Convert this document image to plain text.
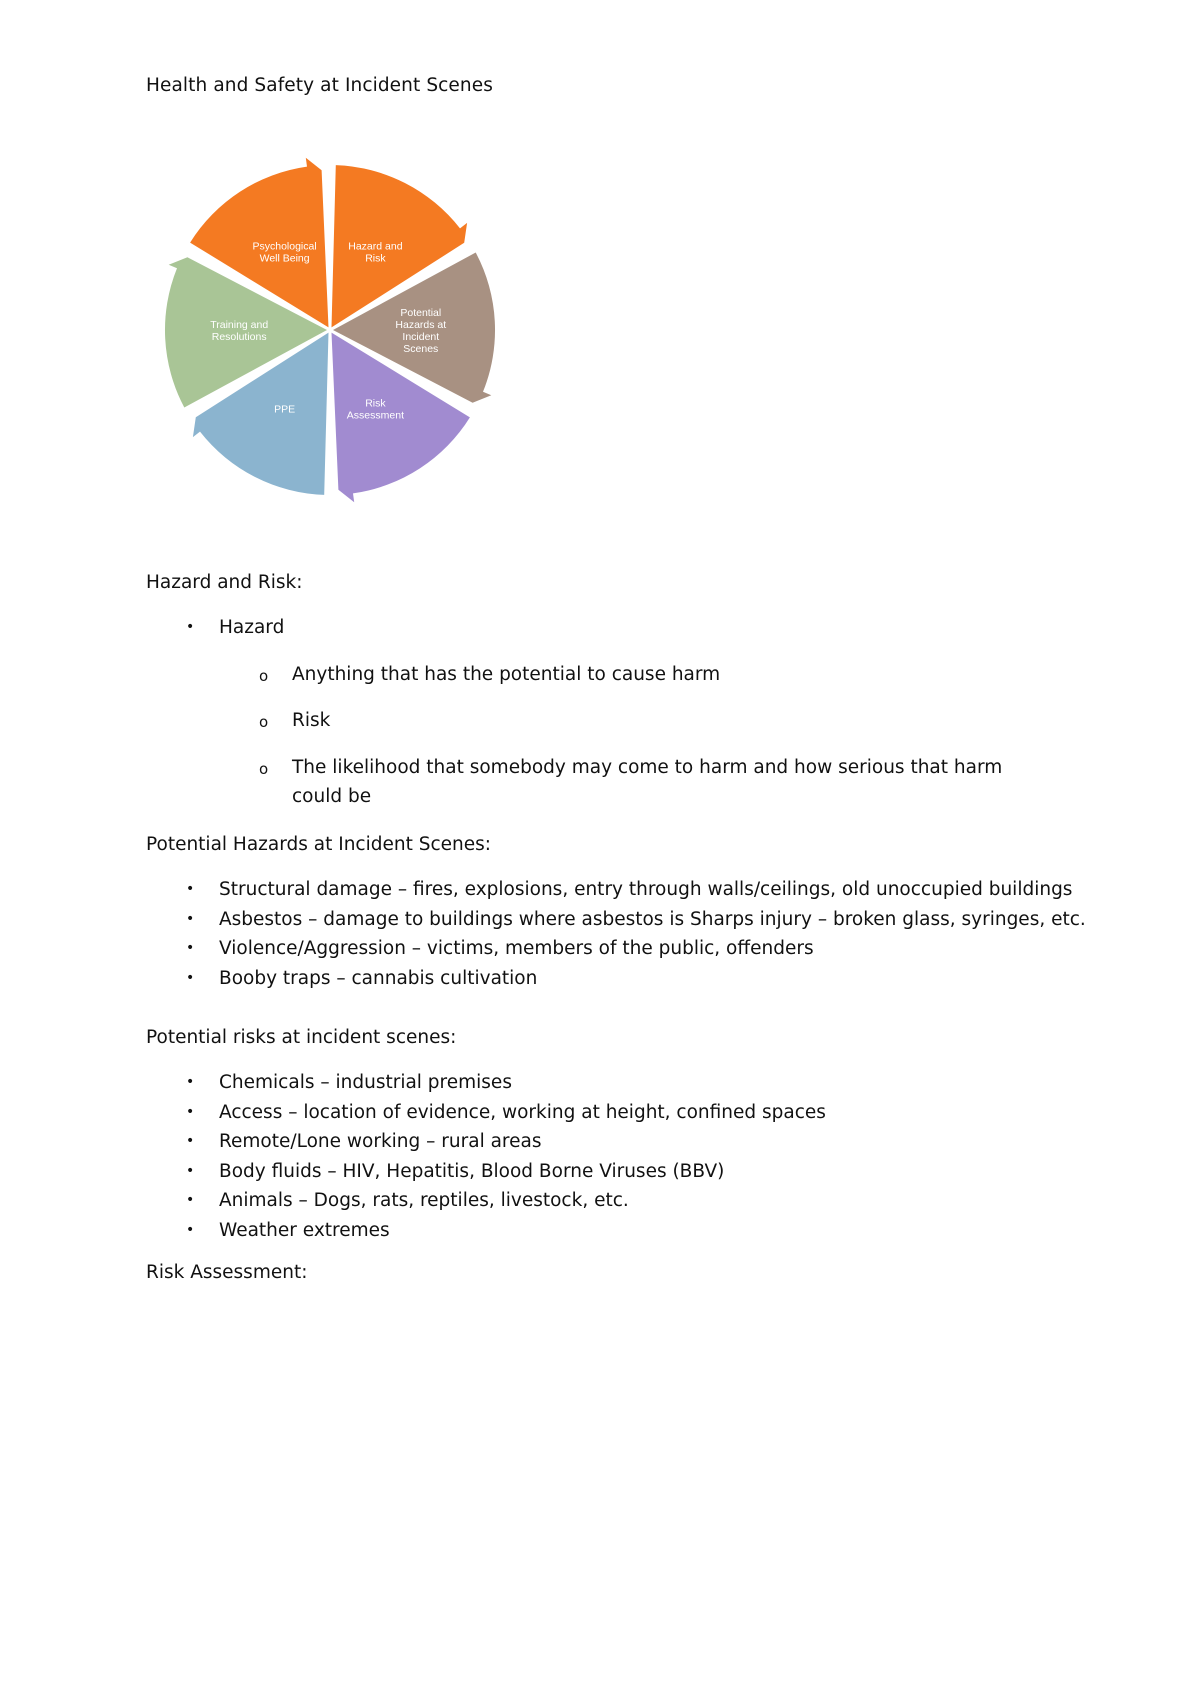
Health and Safety at Incident Scenes
Hazard and Risk
Potential Hazards at Incident Scenes
Risk Assessment
PPE
Training and Resolutions
Psychological Well Being
Hazard and Risk:
• Hazard
o Anything that has the potential to cause harm
o Risk
o The likelihood that somebody may come to harm and how serious that harm could be
Potential Hazards at Incident Scenes:
• Structural damage – fires, explosions, entry through walls/ceilings, old unoccupied buildings
• Asbestos – damage to buildings where asbestos is Sharps injury – broken glass, syringes, etc.
• Violence/Aggression – victims, members of the public, offenders
• Booby traps – cannabis cultivation
Potential risks at incident scenes:
• Chemicals – industrial premises
• Access – location of evidence, working at height, confined spaces
• Remote/Lone working – rural areas
• Body fluids – HIV, Hepatitis, Blood Borne Viruses (BBV)
• Animals – Dogs, rats, reptiles, livestock, etc.
• Weather extremes
Risk Assessment:
